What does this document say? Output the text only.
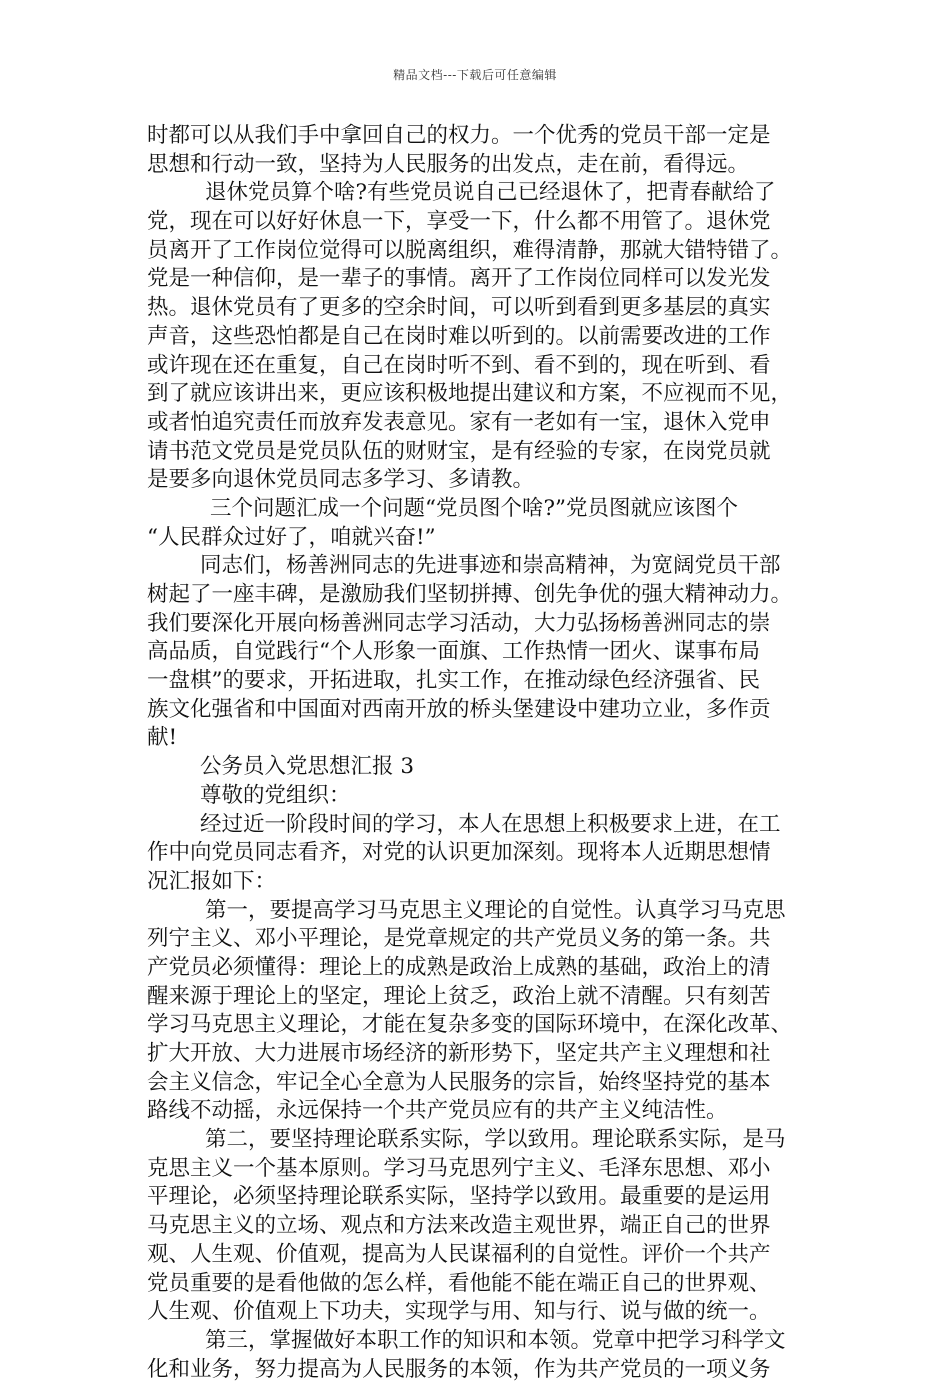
精品文档---下载后可任意编辑
时都可以从我们手中拿回自己的权力。一个优秀的党员干部一定是
思想和行动一致，坚持为人民服务的出发点，走在前，看得远。
退休党员算个啥?有些党员说自己已经退休了，把青春献给了
党，现在可以好好休息一下，享受一下，什么都不用管了。退休党
员离开了工作岗位觉得可以脱离组织，难得清静，那就大错特错了。
党是一种信仰，是一辈子的事情。离开了工作岗位同样可以发光发
热。退休党员有了更多的空余时间，可以听到看到更多基层的真实
声音，这些恐怕都是自己在岗时难以听到的。以前需要改进的工作
或许现在还在重复，自己在岗时听不到、看不到的，现在听到、看
到了就应该讲出来，更应该积极地提出建议和方案，不应视而不见，
或者怕追究责任而放弃发表意见。家有一老如有一宝，退休入党申
请书范文党员是党员队伍的财财宝，是有经验的专家，在岗党员就
是要多向退休党员同志多学习、多请教。
三个问题汇成一个问题“党员图个啥?”党员图就应该图个
“人民群众过好了，咱就兴奋!”
同志们，杨善洲同志的先进事迹和崇高精神，为宽阔党员干部
树起了一座丰碑，是激励我们坚韧拼搏、创先争优的强大精神动力。
我们要深化开展向杨善洲同志学习活动，大力弘扬杨善洲同志的崇
高品质，自觉践行“个人形象一面旗、工作热情一团火、谋事布局
一盘棋”的要求，开拓进取，扎实工作，在推动绿色经济强省、民
族文化强省和中国面对西南开放的桥头堡建设中建功立业，多作贡
献!
公务员入党思想汇报 3
尊敬的党组织：
经过近一阶段时间的学习，本人在思想上积极要求上进，在工
作中向党员同志看齐，对党的认识更加深刻。现将本人近期思想情
况汇报如下：
第一，要提高学习马克思主义理论的自觉性。认真学习马克思
列宁主义、邓小平理论，是党章规定的共产党员义务的第一条。共
产党员必须懂得：理论上的成熟是政治上成熟的基础，政治上的清
醒来源于理论上的坚定，理论上贫乏，政治上就不清醒。只有刻苦
学习马克思主义理论，才能在复杂多变的国际环境中，在深化改革、
扩大开放、大力进展市场经济的新形势下，坚定共产主义理想和社
会主义信念，牢记全心全意为人民服务的宗旨，始终坚持党的基本
路线不动摇，永远保持一个共产党员应有的共产主义纯洁性。
第二，要坚持理论联系实际，学以致用。理论联系实际，是马
克思主义一个基本原则。学习马克思列宁主义、毛泽东思想、邓小
平理论，必须坚持理论联系实际，坚持学以致用。最重要的是运用
马克思主义的立场、观点和方法来改造主观世界，端正自己的世界
观、人生观、价值观，提高为人民谋福利的自觉性。评价一个共产
党员重要的是看他做的怎么样，看他能不能在端正自己的世界观、
人生观、价值观上下功夫，实现学与用、知与行、说与做的统一。
第三，掌握做好本职工作的知识和本领。党章中把学习科学文
化和业务，努力提高为人民服务的本领，作为共产党员的一项义务
